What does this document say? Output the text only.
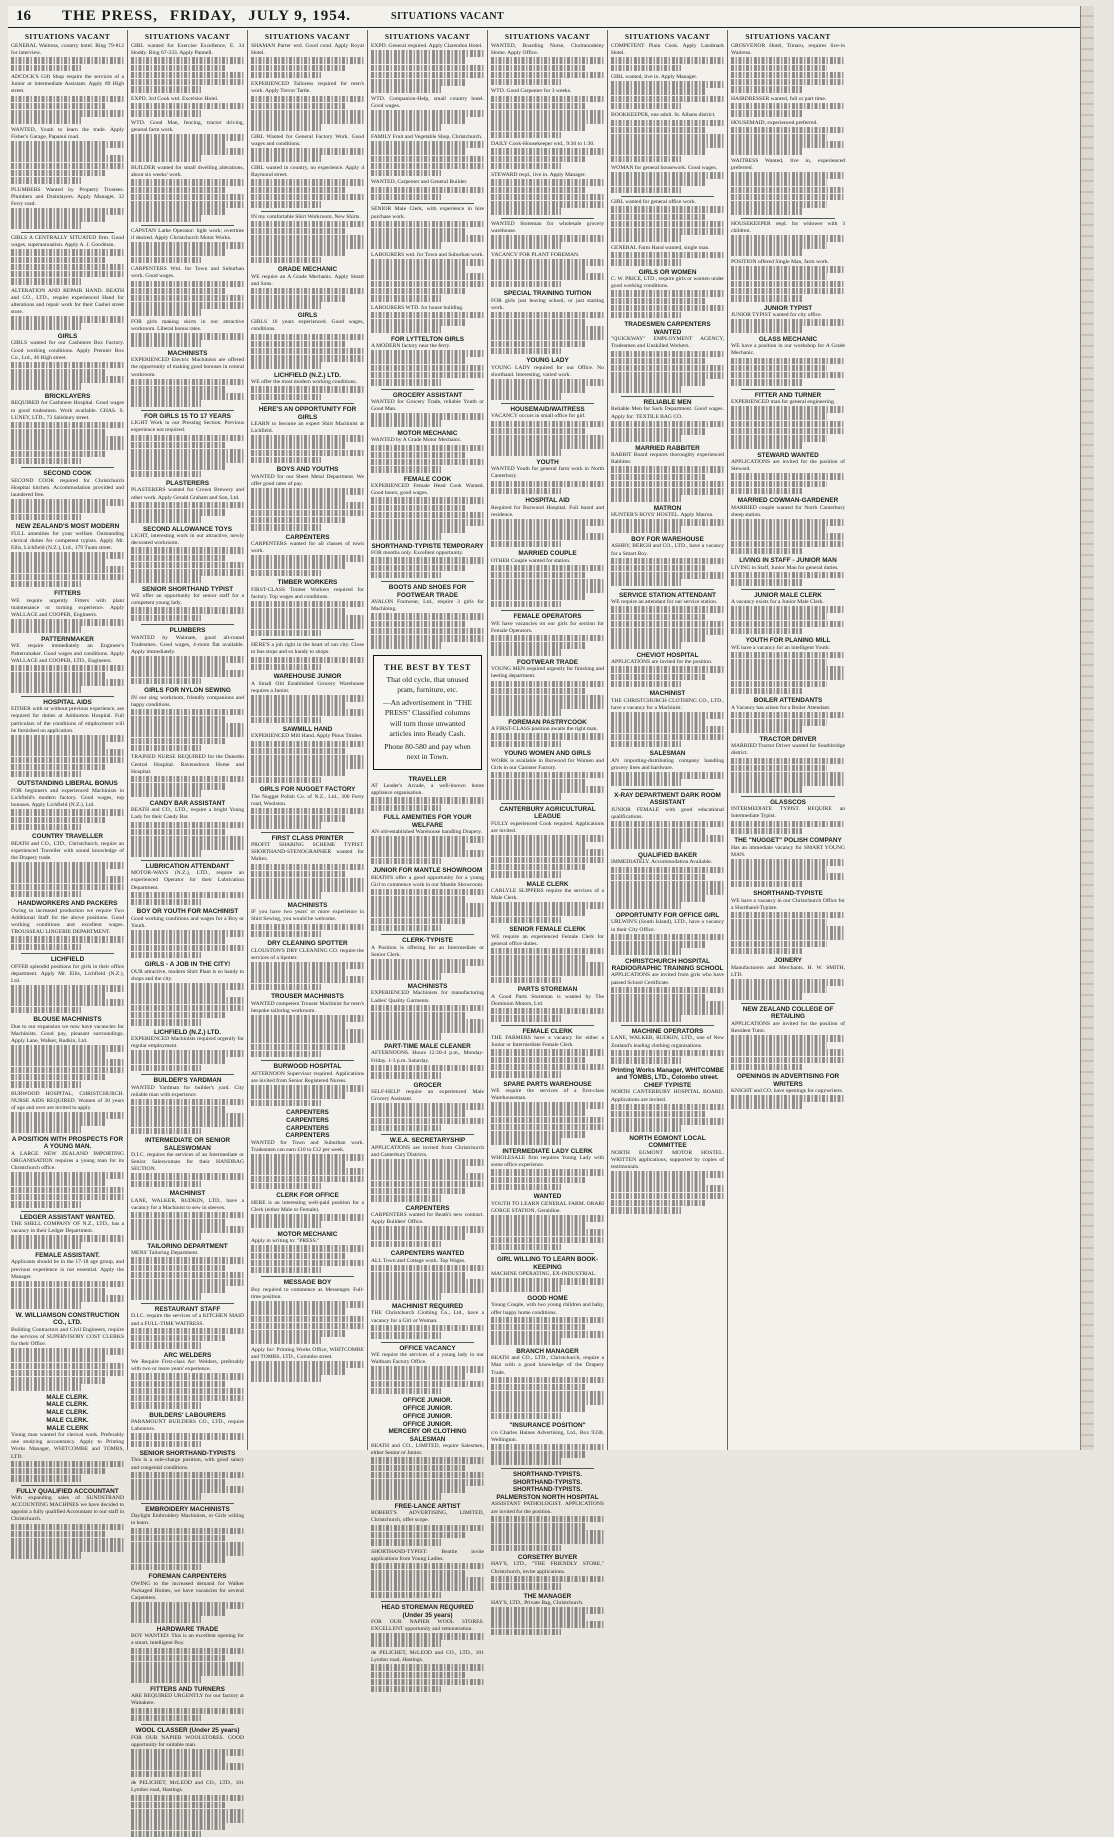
16	THE PRESS, FRIDAY, JULY 9, 1954.	SITUATIONS VACANT
SITUATIONS VACANT
GENERAL Waitress, country hotel. Ring 79-812 for interview.
ADCOCK'S Gift Shop require the services of a Junior or intermediate Assistant. Apply 89 High street.
WANTED, Youth to learn the trade. Apply Fisher's Garage, Papanui road.
PLUMBERS Wanted by Property Trustees. Plumbers and Drainlayers. Apply Manager, 32 Ferry road.
GIRLS A CENTRALLY SITUATED firm. Good wages, superannuation. Apply A. J. Goodman.
ALTERATION AND REPAIR HAND. BEATH and CO., LTD., require experienced Hand for alterations and repair work for their Cashel street store.
GIRLS
GIRLS wanted for our Cashmere Box Factory. Good working conditions. Apply Premier Box Co., Ltd., 46 High street.
BRICKLAYERS
REQUIRED for Cashmere Hospital. Good wages to good tradesmen. Work available. CHAS. S. LUNEY, LTD., 73 Salisbury street.
SECOND COOK
SECOND COOK required for Christchurch Hospital kitchen. Accommodation provided and laundered free.
NEW ZEALAND'S MOST MODERN
FULL amenities for your welfare. Outstanding clerical duties for competent typists. Apply Mr. Ellis, Lichfield (N.Z.), Ltd., 179 Tuam street.
FITTERS
WE require urgently Fitters with plant maintenance or turning experience. Apply WALLACE and COOPER, Engineers.
PATTERNMAKER
WE require immediately an Engineer's Patternmaker. Good wages and conditions. Apply WALLACE and COOPER, LTD., Engineers.
HOSPITAL AIDS
EITHER with or without previous experience, are required for duties at Ashburton Hospital. Full particulars of the conditions of employment will be furnished on application.
OUTSTANDING LIBERAL BONUS
FOR beginners and experienced Machinists in Lichfield's modern factory. Good wages, top bonuses. Apply Lichfield (N.Z.), Ltd.
COUNTRY TRAVELLER
BEATH and CO., LTD., Christchurch, require an experienced Traveller with sound knowledge of the Drapery trade.
HANDWORKERS AND PACKERS
Owing to increased production we require Two Additional Staff for the above positions. Good working conditions and excellent wages. TROUSSEAU LINGERIE DEPARTMENT.
LICHFIELD
OFFER splendid positions for girls in their office department. Apply Mr. Ellis, Lichfield (N.Z.), Ltd.
BLOUSE MACHINISTS
Due to our expansion we now have vacancies for Machinists. Good pay, pleasant surroundings. Apply Lane, Walker, Rudkin, Ltd.
BURWOOD HOSPITAL, CHRISTCHURCH. NURSE AIDS REQUIRED. Women of 30 years of age and over are invited to apply.
A POSITION WITH PROSPECTS FOR A YOUNG MAN.
A LARGE NEW ZEALAND IMPORTING ORGANISATION requires a young man for its Christchurch office.
LEDGER ASSISTANT WANTED.
THE SHELL COMPANY OF N.Z., LTD., has a vacancy in their Ledger Department.
FEMALE ASSISTANT.
Applicants should be in the 17-18 age group, and previous experience is not essential. Apply the Manager.
W. WILLIAMSON CONSTRUCTION CO., LTD.
Building Contractors and Civil Engineers, require the services of SUPERVISORY COST CLERKS for their Office.
MALE CLERK.
MALE CLERK.
MALE CLERK.
MALE CLERK.
MALE CLERK
Young man wanted for clerical work. Preferably one studying accountancy. Apply to Printing Works Manager, WHITCOMBE and TOMBS, LTD.
FULLY QUALIFIED ACCOUNTANT
With expanding sales of SUNDSTRAND ACCOUNTING MACHINES we have decided to appoint a fully qualified Accountant to our staff in Christchurch.
SITUATIONS VACANT
GIRL wanted for Exercise Excellence, E. 34 Hoddy. Ring 67-333. Apply Pannell.
EXPD. 3rd Cook wtd. Excelsior Hotel.
WTD. Good Man, fencing, tractor driving, general farm work.
BUILDER wanted for small dwelling alterations, about six weeks' work.
CAPSTAN Lathe Operator: light work; overtime if desired. Apply Christchurch Motor Works.
CARPENTERS Wtd. for Town and Suburban work. Good wages.
FOR girls making skirts in our attractive workroom. Liberal bonus rates.
MACHINISTS
EXPERIENCED Electric Machinists are offered the opportunity of making good bonuses in central workroom.
FOR GIRLS 15 TO 17 YEARS
LIGHT Work in our Pressing Section. Previous experience not required.
PLASTERERS
PLASTERERS wanted for Crown Brewery and other work. Apply Gerald Graham and Son, Ltd.
SECOND ALLOWANCE TOYS
LIGHT, interesting work in our attractive, newly decorated workroom.
SENIOR SHORTHAND TYPIST
WE offer an opportunity for senior staff for a competent young lady.
PLUMBERS
WANTED by Waimate, good all-round Tradesmen. Good wages, 4-room flat available. Apply immediately.
GIRLS FOR NYLON SEWING
IN our sing workroom, friendly companions and happy conditions.
TRAINED NURSE REQUIRED for the Dunedin Central Hospital. Ravensdown Home and Hospital.
CANDY BAR ASSISTANT
BEATH and CO., LTD., require a bright Young Lady for their Candy Bar.
LUBRICATION ATTENDANT
MOTOR-WAYS (N.Z.), LTD., require an experienced Operator for their Lubrication Department.
BOY OR YOUTH FOR MACHINIST
Good working conditions and wages for a Boy or Youth.
GIRLS - A JOB IN THE CITY!
OUR attractive, modern Shirt Plant is so handy to shops and the city.
LICHFIELD (N.Z.) LTD.
EXPERIENCED Machinists required urgently for regular employment.
BUILDER'S YARDMAN
WANTED Yardman for builder's yard. City reliable man with experience.
INTERMEDIATE OR SENIOR SALESWOMAN
D.I.C. requires the services of an Intermediate or Senior Saleswoman for their HANDBAG SECTION.
MACHINIST
LANE, WALKER, RUDKIN, LTD., have a vacancy for a Machinist to sew in sleeves.
TAILORING DEPARTMENT
MENS' Tailoring Department.
RESTAURANT STAFF
D.I.C. require the services of a KITCHEN MAID and a FULL-TIME WAITRESS.
ARC WELDERS
We Require First-class Arc Welders, preferably with two or more years' experience.
BUILDERS' LABOURERS
PARAMOUNT BUILDERS CO., LTD., require Labourers.
SENIOR SHORTHAND-TYPISTS
This is a sole-charge position, with good salary and congenial conditions.
EMBROIDERY MACHINISTS
Daylight Embroidery Machinists, or Girls willing to learn.
FOREMAN CARPENTERS
OWING to the increased demand for Walker Packaged Homes, we have vacancies for several Carpenters.
HARDWARE TRADE
BOY WANTED: This is an excellent opening for a smart, intelligent Boy.
FITTERS AND TURNERS
ARE REQUIRED URGENTLY for our factory at Waitakere.
WOOL CLASSER (Under 25 years)
FOR OUR NAPIER WOOLSTORES. GOOD opportunity for suitable man.
de PELICHET, McLEOD and CO., LTD., 101 Lyndon road, Hastings.
SITUATIONS VACANT
SHAMAN Parter wtd. Good cond. Apply Royal Hotel.
EXPERIENCED Tailoress required for men's work. Apply Trevor Tattle.
GIRL Wanted for General Factory Work. Good wages and conditions.
GIRL wanted in country, no experience. Apply 4 Raymond street.
IN my comfortable Shirt Workroom. New Shirts.
GRADE MECHANIC
WE require an A Grade Mechanic. Apply Smart and Sons.
GIRLS
GIRLS 16 years experienced. Good wages, conditions.
LICHFIELD (N.Z.) LTD.
WE offer the most modern working conditions.
HERE'S AN OPPORTUNITY FOR GIRLS
LEARN to become an expert Shirt Machinist at Lichfield.
BOYS AND YOUTHS
WANTED for our Sheet Metal Department. We offer good rates of pay.
CARPENTERS
CARPENTERS wanted for all classes of town work.
TIMBER WORKERS
FIRST-CLASS Timber Workers required for factory. Top wages and conditions.
HERE'S a job right in the heart of our city. Close to bus stops and so handy to shops.
WAREHOUSE JUNIOR
A Small Old Established Grocery Warehouse requires a Junior.
SAWMILL HAND
EXPERIENCED Mill Hand. Apply Pinus Timber.
GIRLS FOR NUGGET FACTORY
The Nugget Polish Co. of N.Z., Ltd., 300 Ferry road, Woolston.
FIRST CLASS PRINTER
PROFIT SHARING SCHEME TYPIST. SHORTHAND-STENOGRAPHER wanted for Maltex.
MACHINISTS
IF you have two years' or more experience in Shirt Sewing, you would be welcome.
DRY CLEANING SPOTTER
CLOUSTON'S DRY CLEANING CO. require the services of a Spotter.
TROUSER MACHINISTS
WANTED competent Trouser Machinist for men's bespoke tailoring workroom.
BURWOOD HOSPITAL
AFTERNOON Supervisor required. Applications are invited from Senior Registered Nurses.
CARPENTERS
CARPENTERS
CARPENTERS
CARPENTERS
WANTED for Town and Suburban work. Tradesmen can earn £10 to £12 per week.
CLERK FOR OFFICE
HERE is an interesting well-paid position for a Clerk (either Male or Female).
MOTOR MECHANIC
Apply in writing to: "PRESS."
MESSAGE BOY
Boy required to commence as Messenger. Full-time position.
Apply for: Printing Works Office, WHITCOMBE and TOMBS, LTD., Colombo street.
SITUATIONS VACANT
EXPD. General required. Apply Clarendon Hotel.
WTD. Companion-Help, small country hotel. Good wages.
FAMILY Fruit and Vegetable Shop, Christchurch.
WANTED, Carpenter and General Builder.
SENIOR Male Clerk, with experience in hire purchase work.
LABOURERS wtd. for Town and Suburban work.
LABOURERS WTD. for house building.
FOR LYTTELTON GIRLS
A MODERN factory near the ferry.
GROCERY ASSISTANT
WANTED for Grocery Trade, reliable Youth or Good Man.
MOTOR MECHANIC
WANTED by A Grade Motor Mechanic.
FEMALE COOK
EXPERIENCED Female Head Cook Wanted. Good hours, good wages.
SHORTHAND-TYPISTE TEMPORARY
FOR months only. Excellent opportunity.
BOOTS AND SHOES FOR FOOTWEAR TRADE
AVALON Footwear, Ltd., require 3 girls for Machining.
THE BEST BY TEST
That old cycle, that unused pram, furniture, etc.
—An advertisement in "THE PRESS" Classified columns will turn those unwanted articles into Ready Cash.
Phone 80-580 and pay when next in Town.
TRAVELLER
AT Leader's Arcade, a well-known home appliance organisation.
FULL AMENITIES FOR YOUR WELFARE
AN old-established Warehouse handling Drapery.
JUNIOR FOR MANTLE SHOWROOM
BEATH'S offer a good opportunity for a young Girl to commence work in our Mantle Showroom.
CLERK-TYPISTE
A Position is offering for an Intermediate or Senior Clerk.
MACHINISTS
EXPERIENCED Machinists for manufacturing Ladies' Quality Garments.
PART-TIME MALE CLEANER
AFTERNOONS. Hours 12:30-4 p.m., Monday-Friday. 1-3 p.m. Saturday.
GROCER
SELF-HELP require an experienced Male Grocery Assistant.
W.E.A. SECRETARYSHIP
APPLICATIONS are invited from Christchurch and Canterbury Districts.
CARPENTERS
CARPENTERS wanted for Beath's new contract. Apply Builders' Office.
CARPENTERS WANTED
ALL Town and Cottage work. Top Wages.
MACHINIST REQUIRED
THE Christchurch Clothing Co., Ltd., have a vacancy for a Girl or Woman.
OFFICE VACANCY
WE require the services of a young lady in our Waltham Factory Office.
OFFICE JUNIOR.
OFFICE JUNIOR.
OFFICE JUNIOR.
OFFICE JUNIOR.
MERCERY OR CLOTHING SALESMAN
BEATH and CO., LIMITED, require Salesmen, either Senior or Junior.
FREE-LANCE ARTIST
ROBERT'S ADVERTISING, LIMITED, Christchurch, offer scope.
SHORTHAND-TYPIST: Beattie invite applications from Young Ladies.
HEAD STOREMAN REQUIRED (Under 35 years)
FOR OUR NAPIER WOOL STORES. EXCELLENT opportunity and remuneration.
de PELICHET, McLEOD and CO., LTD., 101 Lyndon road, Hastings.
SITUATIONS VACANT
WANTED, Boarding Nurse, Cholmondeley Home. Apply Office.
WTD. Good Carpenter for 3 weeks.
DAILY Cook-Housekeeper wtd., 9:30 to 1:30.
STEWARD reqd., live in. Apply Manager.
WANTED Storeman for wholesale grocery warehouse.
VACANCY FOR PLANT FOREMAN.
SPECIAL TRAINING TUITION
FOR girls just leaving school, or just starting work.
YOUNG LADY
YOUNG LADY required for our Office. No shorthand. Interesting, varied work.
HOUSEMAID/WAITRESS
VACANCY occurs in small office for girl.
YOUTH
WANTED Youth for general farm work in North Canterbury.
HOSPITAL AID
Required for Burwood Hospital. Full board and residence.
MARRIED COUPLE
OTHER Couple wanted for station.
FEMALE OPERATORS
WE have vacancies on our girls for section for Female Operators.
FOOTWEAR TRADE
YOUNG MEN required urgently for finishing and heeling department.
FOREMAN PASTRYCOOK
A FIRST-CLASS position awaits the right man.
YOUNG WOMEN AND GIRLS
WORK is available in Burwood for Women and Girls in our Canister Factory.
CANTERBURY AGRICULTURAL LEAGUE
FULLY experienced Cook required. Applications are invited.
MALE CLERK
CARLYLE SLIPPERS require the services of a Male Clerk.
SENIOR FEMALE CLERK
WE require an experienced Female Clerk for general office duties.
PARTS STOREMAN
A Good Parts Storeman is wanted by The Dominion Motors, Ltd.
FEMALE CLERK
THE FARMERS have a vacancy for either a Junior or Intermediate Female Clerk.
SPARE PARTS WAREHOUSE
WE require the services of a first-class Warehouseman.
INTERMEDIATE LADY CLERK
WHOLESALE firm requires Young Lady with some office experience.
WANTED
YOUTH TO LEARN GENERAL FARM. ORARI GORGE STATION, Geraldine.
GIRL WILLING TO LEARN BOOK-KEEPING
MACHINE OPERATING, EX-INDUSTRIAL.
GOOD HOME
Young Couple, with two young children and baby, offer happy home conditions.
BRANCH MANAGER
BEATH and CO., LTD., Christchurch, require a Man with a good knowledge of the Drapery Trade.
"INSURANCE POSITION"
c/o Charles Haines Advertising, Ltd., Box 9330, Wellington.
SHORTHAND-TYPISTS.
SHORTHAND-TYPISTS.
SHORTHAND-TYPISTS.
PALMERSTON NORTH HOSPITAL
ASSISTANT PATHOLOGIST. APPLICATIONS are invited for the position.
CORSETRY BUYER
HAY'S, LTD., "THE FRIENDLY STORE," Christchurch, invite applications.
THE MANAGER
HAY'S, LTD., Private Bag, Christchurch.
SITUATIONS VACANT
COMPETENT Plain Cook. Apply Landmark Hotel.
GIRL wanted, live in. Apply Manager.
BOOKKEEPER, one adult. St. Albans district.
WOMAN for general housework. Good wages.
GIRL wanted for general office work.
GENERAL Farm Hand wanted, single man.
GIRLS OR WOMEN
C. W. PRICE, LTD., require girls or women under good working conditions.
TRADESMEN CARPENTERS WANTED
"QUICKWAY" EMPLOYMENT AGENCY, Tradesmen and Unskilled Workers.
RELIABLE MEN
Reliable Men for Sack Department. Good wages. Apply for: TEXTILE BAG CO.
MARRIED RABBITER
RABBIT Board requires thoroughly experienced Rabbiter.
MATRON
HUNTER'S BOYS' HOSTEL. Apply Matron.
BOY FOR WAREHOUSE
ASHBY, BERGH and CO., LTD., have a vacancy for a Smart Boy.
SERVICE STATION ATTENDANT
WE require an attendant for our service station.
CHEVIOT HOSPITAL
APPLICATIONS are invited for the position.
MACHINIST
THE CHRISTCHURCH CLOTHING CO., LTD., have a vacancy for a Machinist.
SALESMAN
AN importing-distributing company handling grocery lines and hardware.
X-RAY DEPARTMENT DARK ROOM ASSISTANT
JUNIOR FEMALE with good educational qualifications.
QUALIFIED BAKER
IMMEDIATELY. Accommodation Available.
OPPORTUNITY FOR OFFICE GIRL
URLWIN'S (South Island), LTD., have a vacancy in their City Office.
CHRISTCHURCH HOSPITAL RADIOGRAPHIC TRAINING SCHOOL
APPLICATIONS are invited from girls who have passed School Certificate.
MACHINE OPERATORS
LANE, WALKER, RUDKIN, LTD., one of New Zealand's leading clothing organisations.
Printing Works Manager, WHITCOMBE and TOMBS, LTD., Colombo street.
CHIEF TYPISTE
NORTH CANTERBURY HOSPITAL BOARD. Applications are invited.
NORTH EGMONT LOCAL COMMITTEE
NORTH EGMONT MOTOR HOSTEL. WRITTEN applications, supported by copies of testimonials.
SITUATIONS VACANT
GROSVENOR Hotel, Timaru, requires live-in Waitress.
HAIRDRESSER wanted, full or part time.
HOUSEMAID, experienced preferred.
WAITRESS Wanted, live in, experienced preferred.
HOUSEKEEPER reqd. for widower with 3 children.
POSITION offered Single Man, farm work.
JUNIOR TYPIST
JUNIOR TYPIST wanted for city office.
GLASS MECHANIC
WE have a position in our workshop for A Grade Mechanic.
FITTER AND TURNER
EXPERIENCED man for general engineering.
STEWARD WANTED
APPLICATIONS are invited for the position of Steward.
MARRIED COWMAN-GARDENER
MARRIED couple wanted for North Canterbury sheep station.
LIVING IN STAFF - JUNIOR MAN
LIVING in Staff, Junior Man for general duties.
JUNIOR MALE CLERK
A vacancy exists for a Junior Male Clerk.
YOUTH FOR PLANING MILL
WE have a vacancy for an intelligent Youth.
BOILER ATTENDANTS
A Vacancy has arisen for a Boiler Attendant.
TRACTOR DRIVER
MARRIED Tractor Driver wanted for Southbridge district.
GLASSCOS
INTERMEDIATE TYPIST. REQUIRE an Intermediate Typist.
THE "NUGGET" POLISH COMPANY
Has an immediate vacancy for SMART YOUNG MAN.
SHORTHAND-TYPISTE
WE have a vacancy in our Christchurch Office for a Shorthand-Typiste.
JOINERY
Manufacturers and Merchants. H. W. SMITH, LTD.
NEW ZEALAND COLLEGE OF RETAILING
APPLICATIONS are invited for the position of Resident Tutor.
OPENINGS IN ADVERTISING FOR WRITERS
KNIGHT and CO. have openings for copywriters.
